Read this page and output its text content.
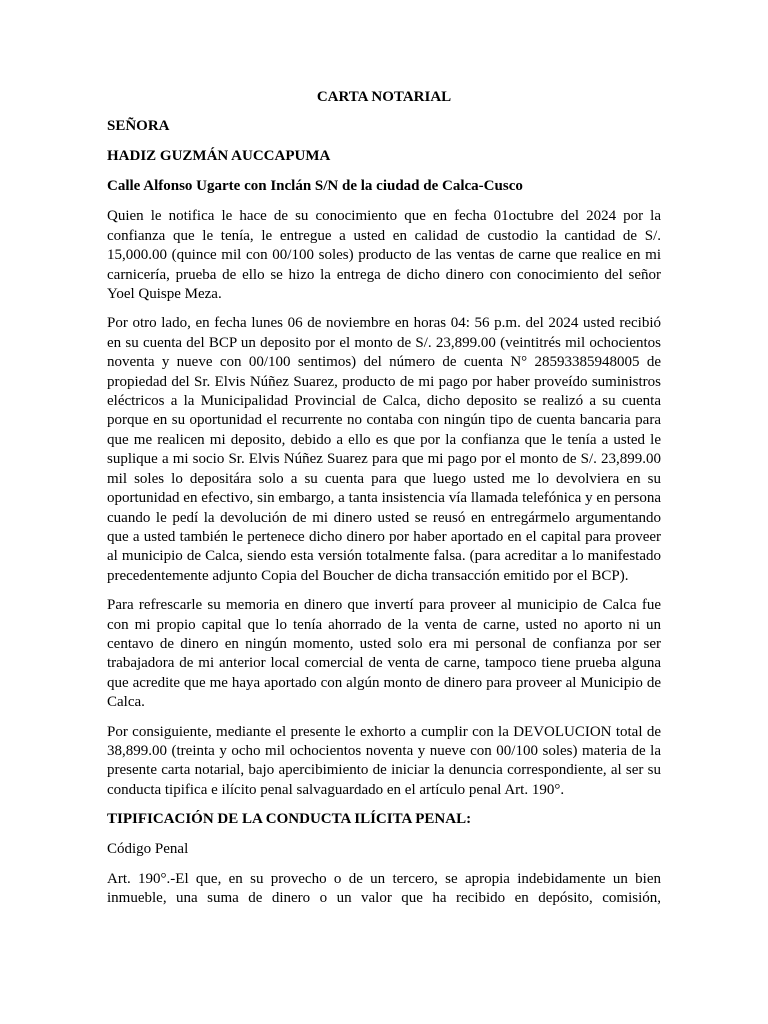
CARTA NOTARIAL
SEÑORA
HADIZ GUZMÁN AUCCAPUMA
Calle Alfonso Ugarte con Inclán S/N de la ciudad de Calca-Cusco

Quien le notifica le hace de su conocimiento que en fecha 01octubre del 2024 por la confianza que le tenía, le entregue a usted en calidad de custodio la cantidad de S/. 15,000.00 (quince mil con 00/100 soles) producto de las ventas de carne que realice en mi carnicería, prueba de ello se hizo la entrega de dicho dinero con conocimiento del señor Yoel Quispe Meza.

Por otro lado, en fecha lunes 06 de noviembre en horas 04: 56 p.m. del 2024 usted recibió en su cuenta del BCP un deposito por el monto de S/. 23,899.00 (veintitrés mil ochocientos noventa y nueve con 00/100 sentimos) del número de cuenta N° 28593385948005 de propiedad del Sr. Elvis Núñez Suarez, producto de mi pago por haber proveído suministros eléctricos a la Municipalidad Provincial de Calca, dicho deposito se realizó a su cuenta porque en su oportunidad el recurrente no contaba con ningún tipo de cuenta bancaria para que me realicen mi deposito, debido a ello es que por la confianza que le tenía a usted le suplique a mi socio Sr. Elvis Núñez Suarez para que mi pago por el monto de S/. 23,899.00 mil soles lo depositára solo a su cuenta para que luego usted me lo devolviera en su oportunidad en efectivo, sin embargo, a tanta insistencia vía llamada telefónica y en persona cuando le pedí la devolución de mi dinero usted se reusó en entregármelo argumentando que a usted también le pertenece dicho dinero por haber aportado en el capital para proveer al municipio de Calca, siendo esta versión totalmente falsa. (para acreditar a lo manifestado precedentemente adjunto Copia del Boucher de dicha transacción emitido por el BCP).

Para refrescarle su memoria en dinero que invertí para proveer al municipio de Calca fue con mi propio capital que lo tenía ahorrado de la venta de carne, usted no aporto ni un centavo de dinero en ningún momento, usted solo era mi personal de confianza por ser trabajadora de mi anterior local comercial de venta de carne, tampoco tiene prueba alguna que acredite que me haya aportado con algún monto de dinero para proveer al Municipio de Calca.

Por consiguiente, mediante el presente le exhorto a cumplir con la DEVOLUCION total de 38,899.00 (treinta y ocho mil ochocientos noventa y nueve con 00/100 soles) materia de la presente carta notarial, bajo apercibimiento de iniciar la denuncia correspondiente, al ser su conducta tipifica e ilícito penal salvaguardado en el artículo penal Art. 190°.

TIPIFICACIÓN DE LA CONDUCTA ILÍCITA PENAL:

Código Penal

Art. 190°.-El que, en su provecho o de un tercero, se apropia indebidamente un bien inmueble, una suma de dinero o un valor que ha recibido en depósito, comisión,
